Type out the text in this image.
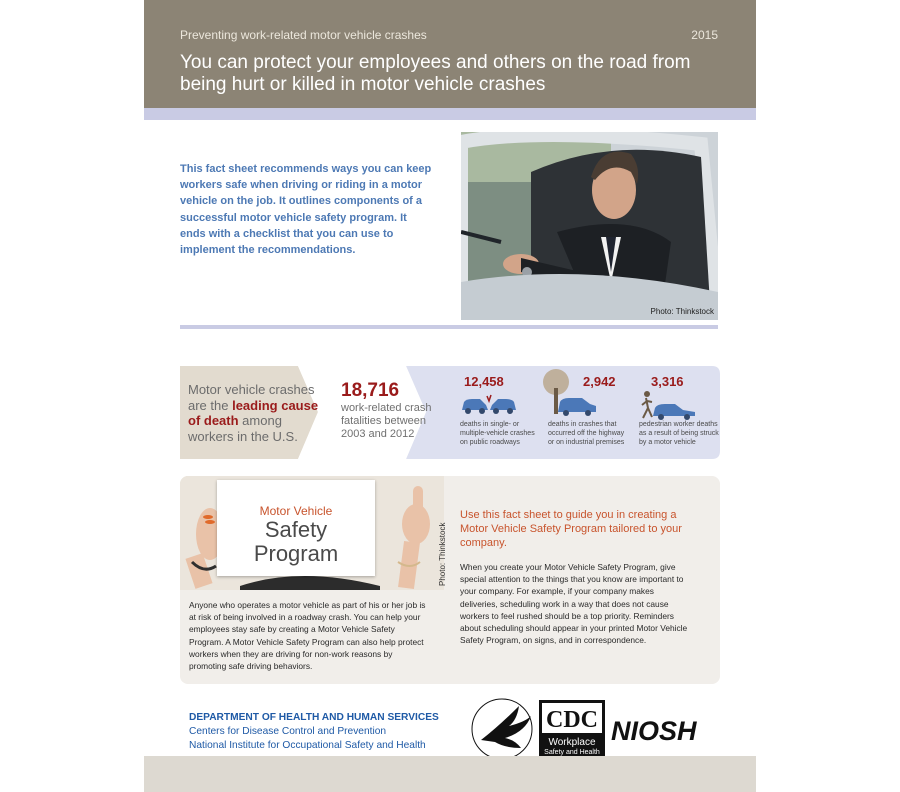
Preventing work-related motor vehicle crashes	2015
You can protect your employees and others on the road from being hurt or killed in motor vehicle crashes
This fact sheet recommends ways you can keep workers safe when driving or riding in a motor vehicle on the job. It outlines components of a successful motor vehicle safety program. It ends with a checklist that you can use to implement the recommendations.
Photo: Thinkstock
Motor vehicle crashes are the leading cause of death among workers in the U.S.
18,716
work-related crash fatalities between 2003 and 2012
12,458
deaths in single- or multiple-vehicle crashes on public roadways
2,942
deaths in crashes that occurred off the highway or on industrial premises
3,316
pedestrian worker deaths as a result of being struck by a motor vehicle
Motor Vehicle
Safety
Program	Photo: Thinkstock
Anyone who operates a motor vehicle as part of his or her job is at risk of being involved in a roadway crash. You can help your employees stay safe by creating a Motor Vehicle Safety Program. A Motor Vehicle Safety Program can also help protect workers when they are driving for non-work reasons by promoting safe driving behaviors.
Use this fact sheet to guide you in creating a Motor Vehicle Safety Program tailored to your company.
When you create your Motor Vehicle Safety Program, give special attention to the things that you know are important to your company. For example, if your company makes deliveries, scheduling work in a way that does not cause workers to feel rushed should be a top priority. Reminders about scheduling should appear in your printed Motor Vehicle Safety Program, on signs, and in correspondence.
DEPARTMENT OF HEALTH AND HUMAN SERVICES
Centers for Disease Control and Prevention
National Institute for Occupational Safety and Health
CDC
Workplace
Safety and Health
NIOSH
